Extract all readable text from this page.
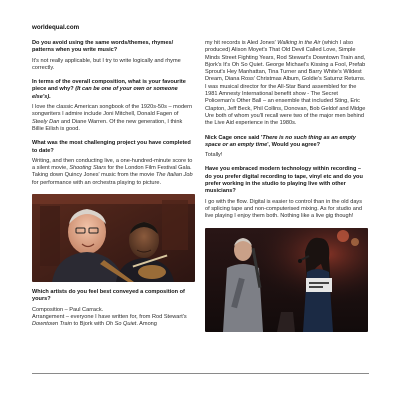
worldequal.com

Do you avoid using the same words/themes, rhymes/ patterns when you write music?

It's not really applicable, but I try to write logically and rhyme correctly.

In terms of the overall composition, what is your favourite piece and why? (It can be one of your own or someone else's).

I love the classic American songbook of the 1920s-50s – modern songwriters I admire include Joni Mitchell, Donald Fagen of Steely Dan and Diane Warren. Of the new generation, I think Billie Eilish is good.

What was the most challenging project you have completed to date?

Writing, and then conducting live, a one-hundred-minute score to a silent movie, Shooting Stars for the London Film Festival Gala. Taking down Quincy Jones' music from the movie The Italian Job for performance with an orchestra playing to picture.

Which artists do you feel best conveyed a composition of yours?

Composition – Paul Carrack.
Arrangement – everyone I have written for, from Rod Stewart's Downtown Train to Bjork with Oh So Quiet. Among

my hit records is Aled Jones' Walking in the Air (which I also produced) Alison Moyet's That Old Devil Called Love, Simple Minds Street Fighting Years, Rod Stewart's Downtown Train and, Bjork's It's Oh So Quiet. George Michael's Kissing a Fool, Prefab Sprout's Hey Manhattan, Tina Turner and Barry White's Wildest Dream, Diana Ross' Christmas Album, Goldie's Saturnz Returns. I was musical director for the All-Star Band assembled for the 1981 Amnesty International benefit show - The Secret Policeman's Other Ball – an ensemble that included Sting, Eric Clapton, Jeff Beck, Phil Collins, Donovan, Bob Geldof and Midge Ure both of whom you'll recall were two of the major men behind the Live Aid experience in the 1980s.

Nick Cage once said 'There is no such thing as an empty space or an empty time', Would you agree?

Totally!

Have you embraced modern technology within recording – do you prefer digital recording to tape, vinyl etc and do you prefer working in the studio to playing live with other musicians?

I go with the flow. Digital is easier to control than in the old days of splicing tape and non-computerised mixing. As for studio and live playing I enjoy them both. Nothing like a live gig though!
